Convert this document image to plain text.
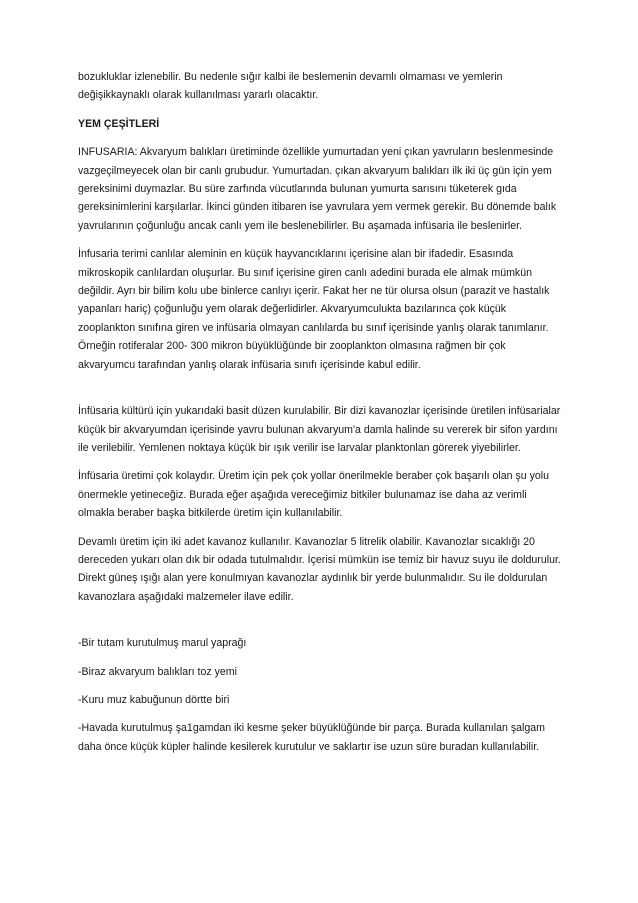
bozukluklar izlenebilir. Bu nedenle sığır kalbi ile beslemenin devamlı olmaması ve yemlerin değişikkaynaklı olarak kullanılması yararlı olacaktır.

YEM ÇEŞİTLERİ

INFUSARIA: Akvaryum balıkları üretiminde özellikle yumurtadan yeni çıkan yavruların beslenmesinde vazgeçilmeyecek olan bir canlı grubudur. Yumurtadan. çıkan akvaryum balıkları ilk iki üç gün için yem gereksinimi duymazlar. Bu süre zarfında vücutlarında bulunan yumurta sarısını tüketerek gıda gereksinimlerini karşılarlar. İkinci günden itibaren ise yavrulara yem vermek gerekir. Bu dönemde balık yavrularının çoğunluğu ancak canlı yem ile beslenebilirler. Bu aşamada infüsaria ile beslenirler.

İnfusaria terimi canlılar aleminin en küçük hayvancıklarını içerisine alan bir ifadedir. Esasında mikroskopik canlılardan oluşurlar. Bu sınıf içerisine giren canlı adedini burada ele almak mümkün değildir. Ayrı bir bilim kolu ube binlerce canlıyı içerir. Fakat her ne tür olursa olsun (parazit ve hastalık yapanları hariç) çoğunluğu yem olarak değerlidirler. Akvaryumculukta bazılarınca çok küçük zooplankton sınıfına giren ve infüsaria olmayan canlılarda bu sınıf içerisinde yanlış olarak tanımlanır. Örneğin rotiferalar 200- 300 mikron büyüklüğünde bir zooplankton olmasına rağmen bir çok akvaryumcu tarafından yanlış olarak infüsaria sınıfı içerisinde kabul edilir.

İnfüsaria kültürü için yukarıdaki basit düzen kurulabilir. Bir dizi kavanozlar içerisinde üretilen infüsarialar küçük bir akvaryumdan içerisinde yavru bulunan akvaryum'a damla halinde su vererek bir sifon yardını ile verilebilir. Yemlenen noktaya küçük bir ışık verilir ise larvalar planktonlan görerek yiyebilirler.

İnfüsaria üretimi çok kolaydır. Üretim için pek çok yollar önerilmekle beraber çok başarılı olan şu yolu önermekle yetineceğiz. Burada eğer aşağıda vereceğimiz bitkiler bulunamaz ise daha az verimli olmakla beraber başka bitkilerde üretim için kullanılabilir.

Devamlı üretim için iki adet kavanoz kullanılır. Kavanozlar 5 litrelik olabilir. Kavanozlar sıcaklığı 20 dereceden yukarı olan dık bir odada tutulmalıdır. İçerisi mümkün ise temiz bir havuz suyu ile doldurulur. Direkt güneş ışığı alan yere konulmıyan kavanozlar aydınlık bir yerde bulunmalıdır. Su ile doldurulan kavanozlara aşağıdaki malzemeler ilave edilir.

-Bir tutam kurutulmuş marul yaprağı

-Biraz akvaryum balıkları toz yemi

-Kuru muz kabuğunun dörtte biri

-Havada kurutulmuş şa1gamdan iki kesme şeker büyüklüğünde bir parça. Burada kullanılan şalgam daha önce küçük küpler halinde kesilerek kurutulur ve saklartır ise uzun süre buradan kullanılabilir.
